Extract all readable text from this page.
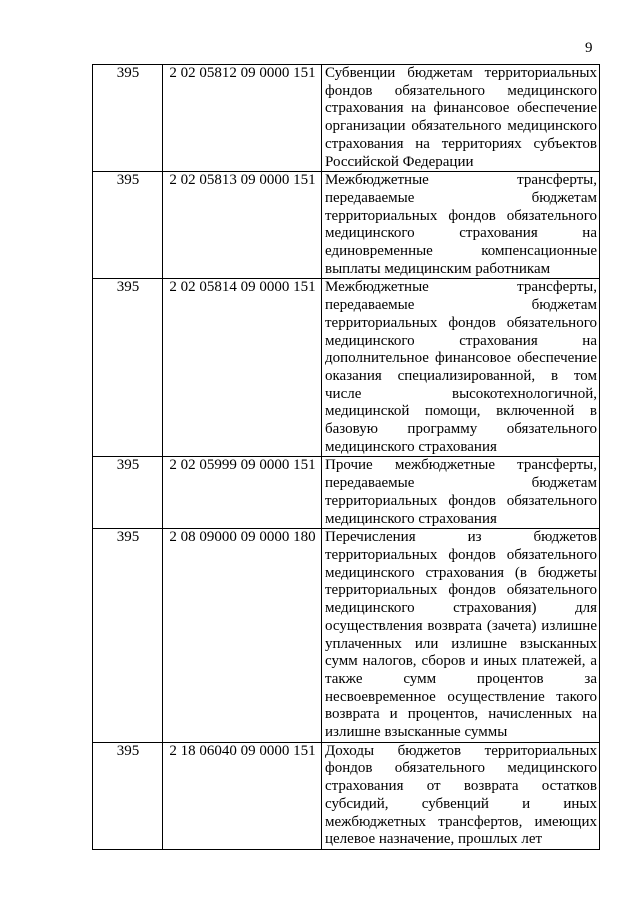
9
395	2 02 05812 09 0000 151	Субвенции бюджетам территориальных фондов обязательного медицинского страхования на финансовое обеспечение организации обязательного медицинского страхования на территориях субъектов Российской Федерации
395	2 02 05813 09 0000 151	Межбюджетные трансферты, передаваемые бюджетам территориальных фондов обязательного медицинского страхования на единовременные компенсационные выплаты медицинским работникам
395	2 02 05814 09 0000 151	Межбюджетные трансферты, передаваемые бюджетам территориальных фондов обязательного медицинского страхования на дополнительное финансовое обеспечение оказания специализированной, в том числе высокотехнологичной, медицинской помощи, включенной в базовую программу обязательного медицинского страхования
395	2 02 05999 09 0000 151	Прочие межбюджетные трансферты, передаваемые бюджетам территориальных фондов обязательного медицинского страхования
395	2 08 09000 09 0000 180	Перечисления из бюджетов территориальных фондов обязательного медицинского страхования (в бюджеты территориальных фондов обязательного медицинского страхования) для осуществления возврата (зачета) излишне уплаченных или излишне взысканных сумм налогов, сборов и иных платежей, а также сумм процентов за несвоевременное осуществление такого возврата и процентов, начисленных на излишне взысканные суммы
395	2 18 06040 09 0000 151	Доходы бюджетов территориальных фондов обязательного медицинского страхования от возврата остатков субсидий, субвенций и иных межбюджетных трансфертов, имеющих целевое назначение, прошлых лет
